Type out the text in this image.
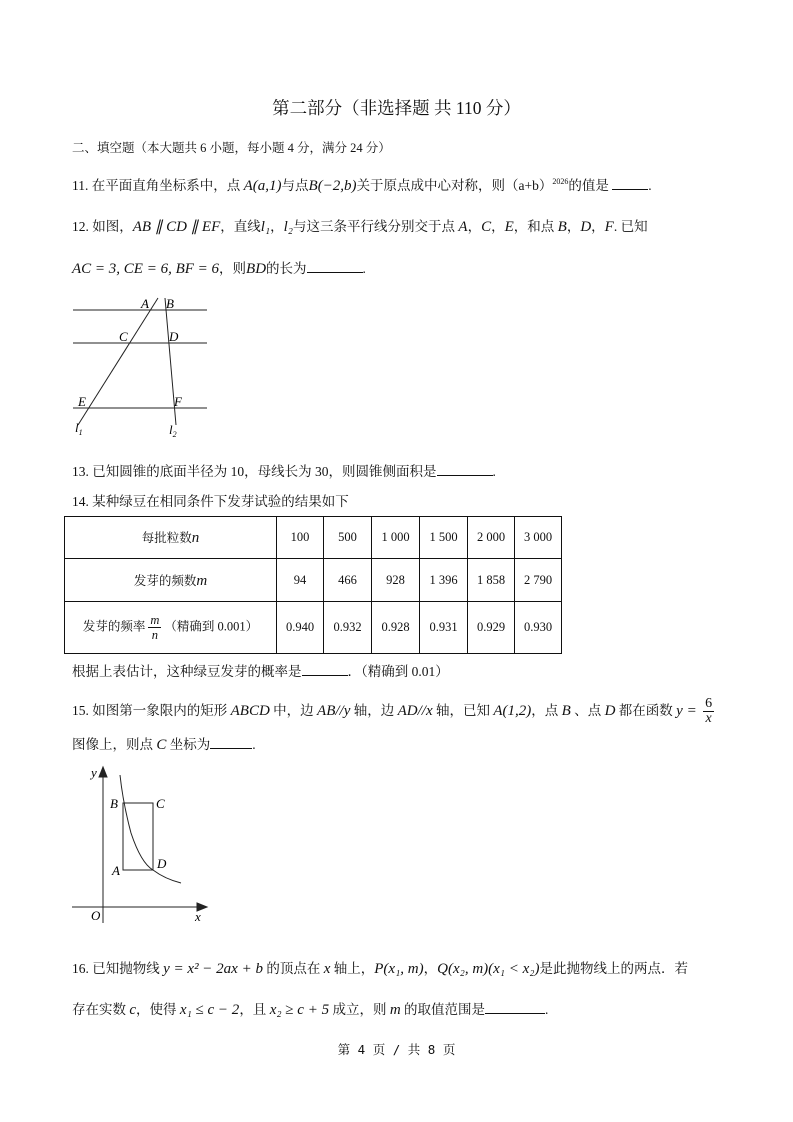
第二部分（非选择题 共 110 分）
二、填空题（本大题共 6 小题，每小题 4 分，满分 24 分）
11. 在平面直角坐标系中，点 A(a,1)与点B(−2,b)关于原点成中心对称，则$(a+b)^{2026}$的值是	.
12. 如图，AB ∥ CD ∥ EF，直线l₁，l₂与这三条平行线分别交于点 A，C，E，和点 B，D，F. 已知
AC = 3, CE = 6, BF = 6，则BD的长为	.
A B
C	D
E	F
$l_1$	$l_2$
13. 已知圆锥的底面半径为 10，母线长为 30，则圆锥侧面积是	.
14. 某种绿豆在相同条件下发芽试验的结果如下
每批粒数n	100	500	1 000	1 500	2 000	3 000
发芽的频数m	94	466	928	1 396	1 858	2 790
发芽的频率 $\frac{m}{n}$ （精确到 0.001）	0.940	0.932	0.928	0.931	0.929	0.930
根据上表估计，这种绿豆发芽的概率是	．（精确到 0.01）
15. 如图第一象限内的矩形 ABCD 中，边 AB//y 轴，边 AD//x 轴，已知 A(1,2)，点 B 、点 D 都在函数 $y = \frac{6}{x}$
图像上，则点 C 坐标为	.
y
x
O
B	C
A	D
16. 已知抛物线 y = x² − 2ax + b 的顶点在 x 轴上，P(x₁, m)，Q(x₂, m)(x₁ < x₂)是此抛物线上的两点．若
存在实数 c，使得 x₁ ≤ c − 2，且 x₂ ≥ c + 5 成立，则 m 的取值范围是	.
第 4 页 / 共 8 页
